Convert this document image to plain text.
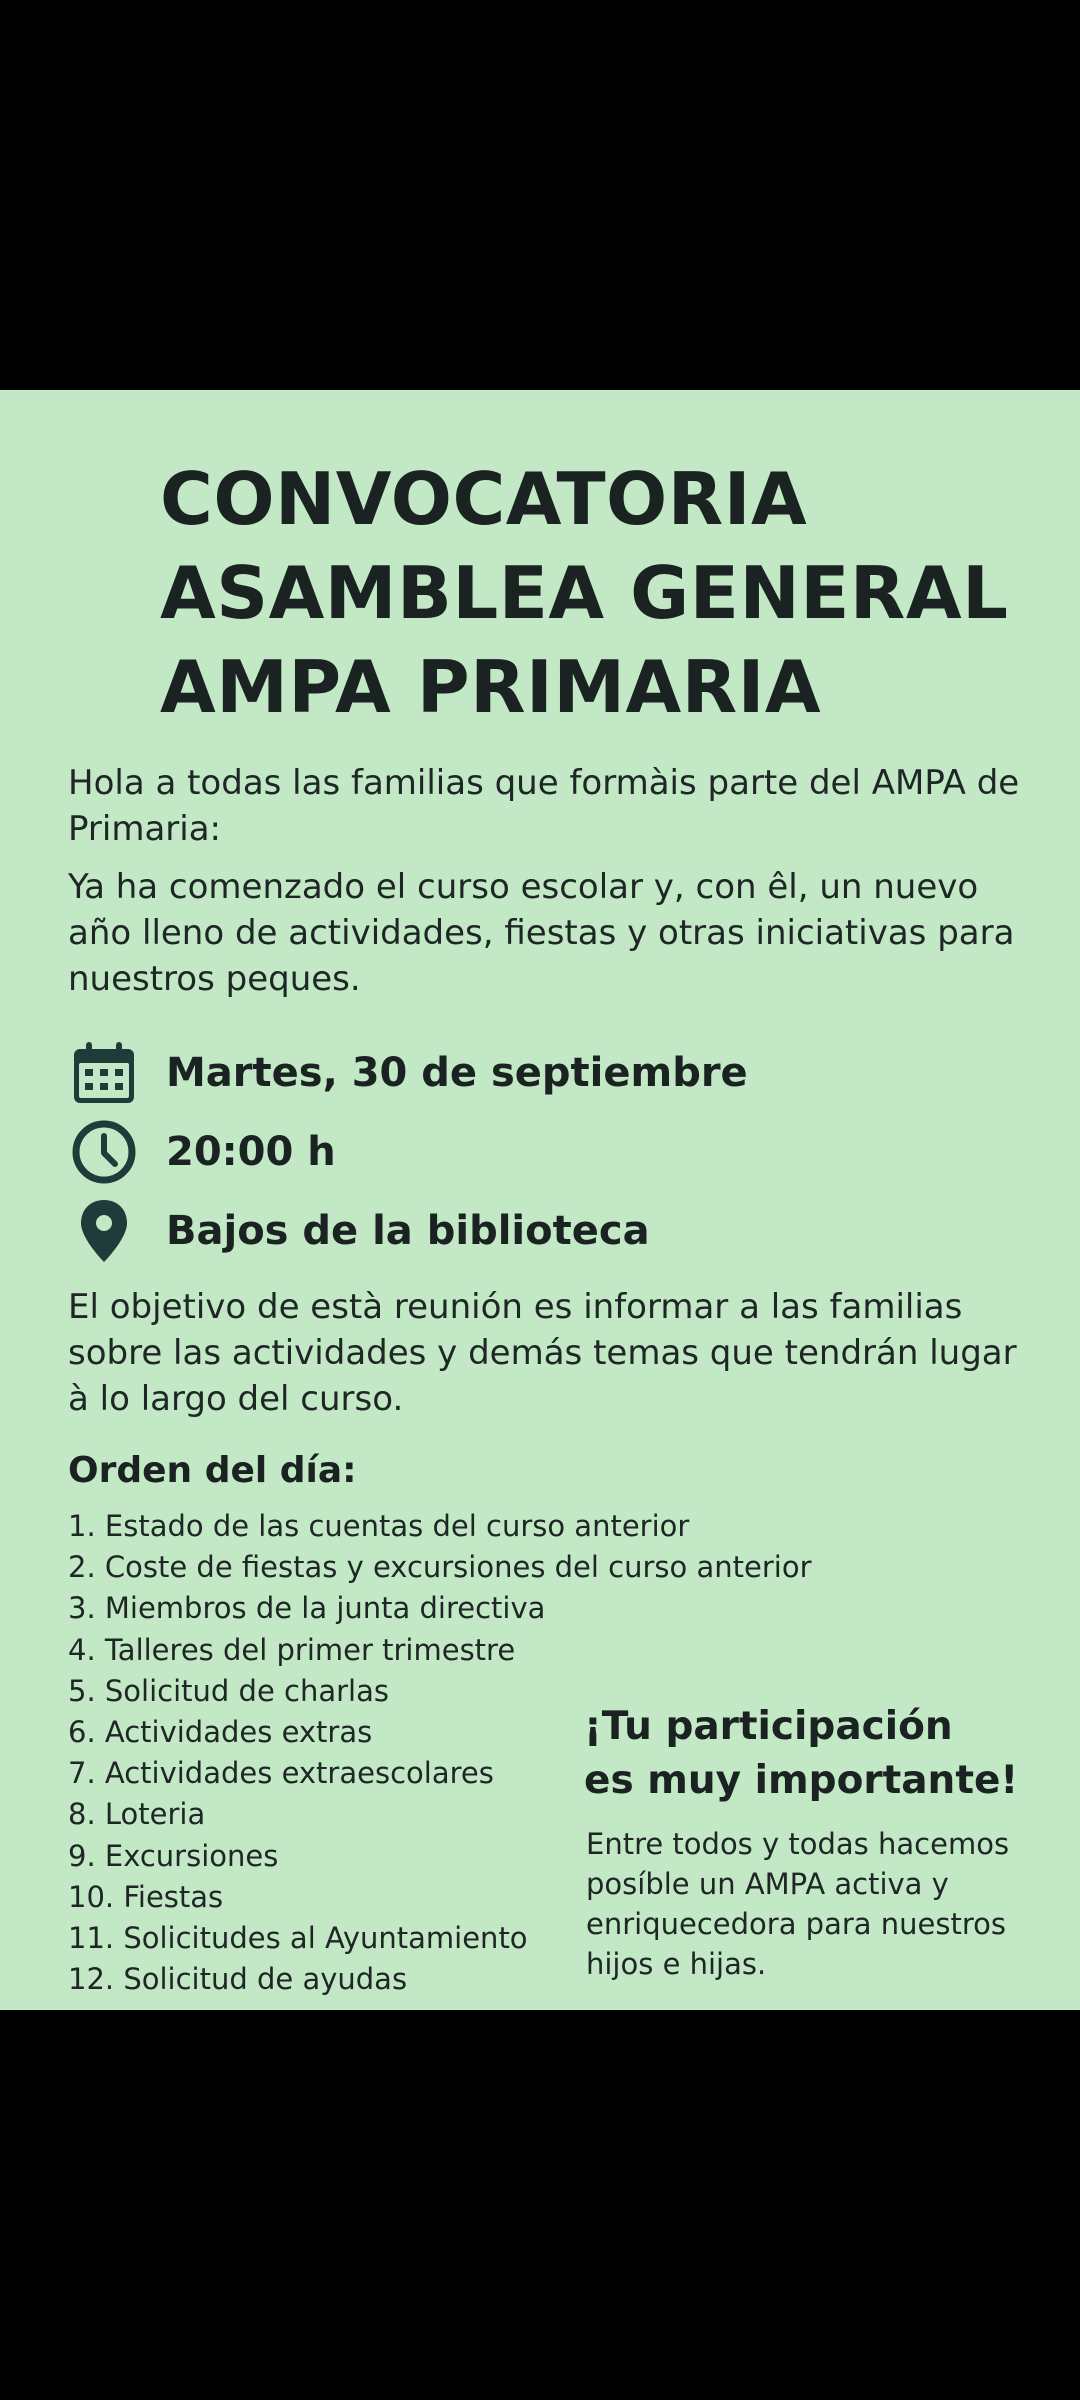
CONVOCATORIA
ASAMBLEA GENERAL
AMPA PRIMARIA

Hola a todas las familias que formàis parte del AMPA de Primaria:

Ya ha comenzado el curso escolar y, con êl, un nuevo año lleno de actividades, fiestas y otras iniciativas para nuestros peques.

Martes, 30 de septiembre
20:00 h
Bajos de la biblioteca

El objetivo de està reunión es informar a las familias sobre las actividades y demás temas que tendrán lugar à lo largo del curso.

Orden del día:
1. Estado de las cuentas del curso anterior
2. Coste de fiestas y excursiones del curso anterior
3. Miembros de la junta directiva
4. Talleres del primer trimestre
5. Solicitud de charlas
6. Actividades extras
7. Actividades extraescolares
8. Loteria
9. Excursiones
10. Fiestas
11. Solicitudes al Ayuntamiento
12. Solicitud de ayudas
¡Tu participación
es muy importante!

Entre todos y todas hacemos posíble un AMPA activa y enriquecedora para nuestros hijos e hijas.
